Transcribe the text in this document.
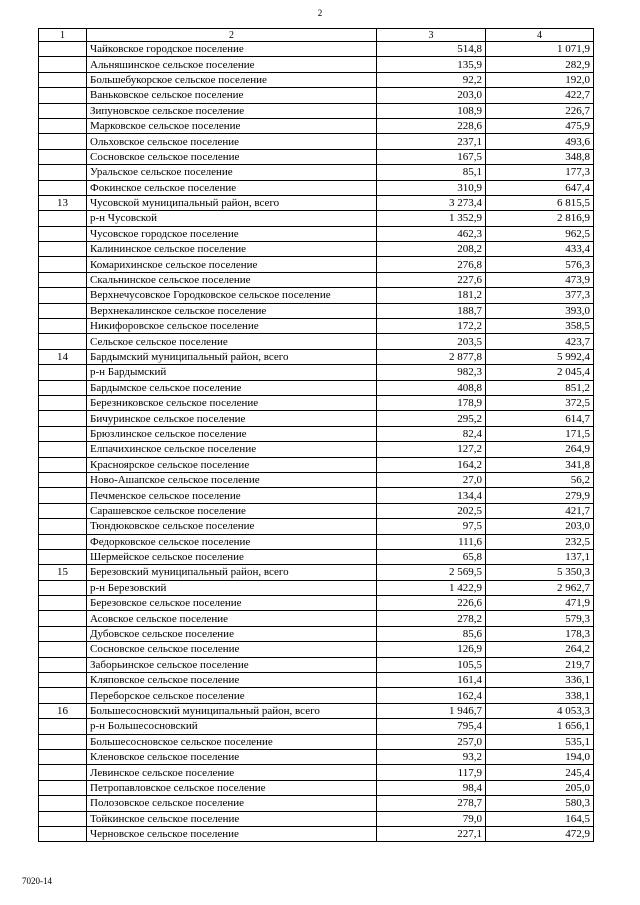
2
1	2	3	4
	Чайковское городское поселение	514,8	1 071,9
	Альняшинское сельское поселение	135,9	282,9
	Большебукорское сельское поселение	92,2	192,0
	Ваньковское сельское поселение	203,0	422,7
	Зипуновское сельское поселение	108,9	226,7
	Марковское сельское поселение	228,6	475,9
	Ольховское сельское поселение	237,1	493,6
	Сосновское сельское поселение	167,5	348,8
	Уральское сельское поселение	85,1	177,3
	Фокинское сельское поселение	310,9	647,4
13	Чусовской муниципальный район, всего	3 273,4	6 815,5
	р-н Чусовской	1 352,9	2 816,9
	Чусовское городское поселение	462,3	962,5
	Калининское сельское поселение	208,2	433,4
	Комарихинское сельское поселение	276,8	576,3
	Скальнинское сельское поселение	227,6	473,9
	Верхнечусовское Городковское сельское поселение	181,2	377,3
	Верхнекалинское сельское поселение	188,7	393,0
	Никифоровское сельское поселение	172,2	358,5
	Сельское сельское поселение	203,5	423,7
14	Бардымский муниципальный район, всего	2 877,8	5 992,4
	р-н Бардымский	982,3	2 045,4
	Бардымское сельское поселение	408,8	851,2
	Березниковское сельское поселение	178,9	372,5
	Бичуринское сельское поселение	295,2	614,7
	Брюзлинское сельское поселение	82,4	171,5
	Елпачихинское сельское поселение	127,2	264,9
	Красноярское сельское поселение	164,2	341,8
	Ново-Ашапское сельское поселение	27,0	56,2
	Печменское сельское поселение	134,4	279,9
	Сарашевское сельское поселение	202,5	421,7
	Тюндюковское сельское поселение	97,5	203,0
	Федорковское сельское поселение	111,6	232,5
	Шермейское сельское поселение	65,8	137,1
15	Березовский муниципальный район, всего	2 569,5	5 350,3
	р-н Березовский	1 422,9	2 962,7
	Березовское сельское поселение	226,6	471,9
	Асовское сельское поселение	278,2	579,3
	Дубовское сельское поселение	85,6	178,3
	Сосновское сельское поселение	126,9	264,2
	Заборьинское сельское поселение	105,5	219,7
	Кляповское сельское поселение	161,4	336,1
	Переборское сельское поселение	162,4	338,1
16	Большесосновский муниципальный район, всего	1 946,7	4 053,3
	р-н Большесосновский	795,4	1 656,1
	Большесосновское сельское поселение	257,0	535,1
	Кленовское сельское поселение	93,2	194,0
	Левинское сельское поселение	117,9	245,4
	Петропавловское сельское поселение	98,4	205,0
	Полозовское сельское поселение	278,7	580,3
	Тойкинское сельское поселение	79,0	164,5
	Черновское сельское поселение	227,1	472,9
7020-14
